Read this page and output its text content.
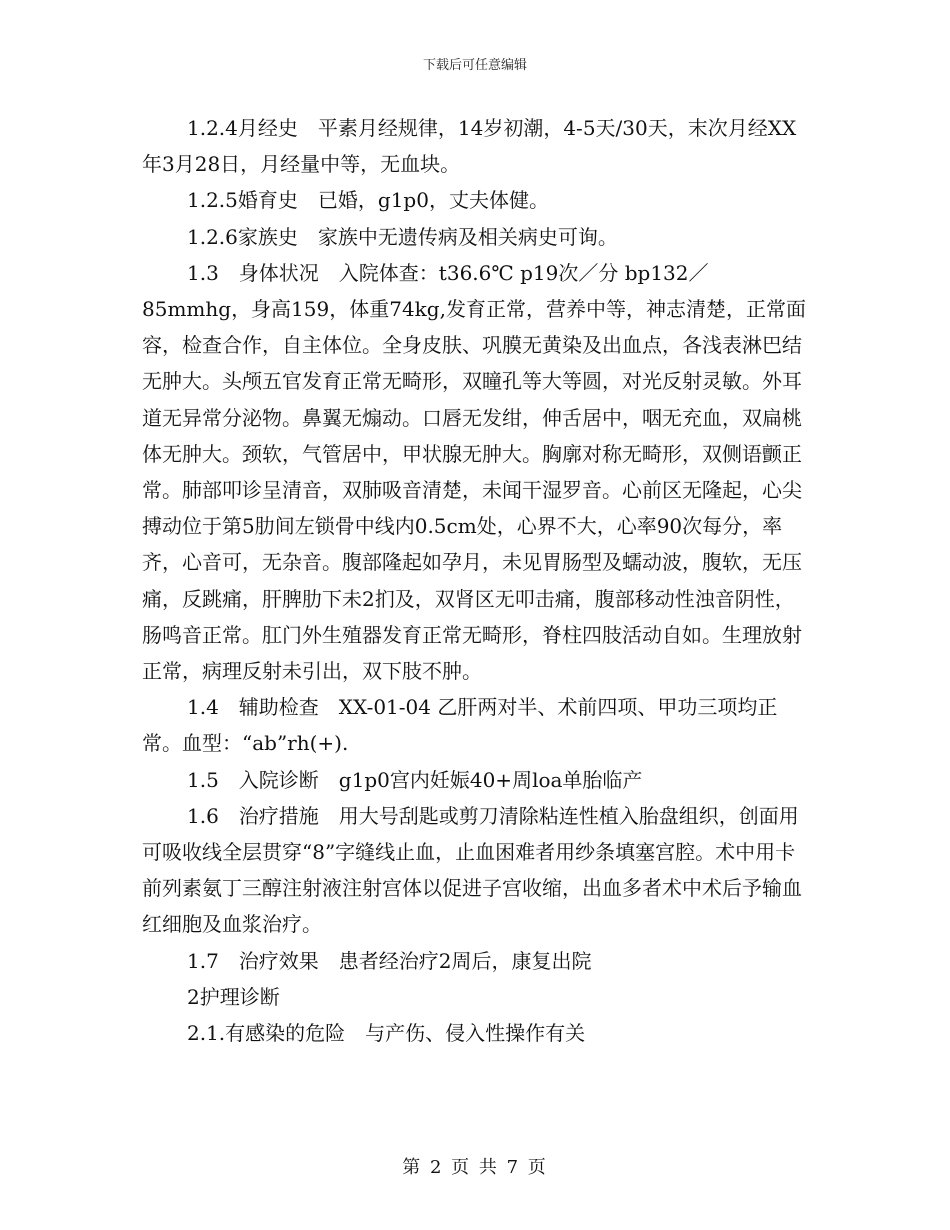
下载后可任意编辑

1.2.4月经史　平素月经规律，14岁初潮，4-5天/30天，末次月经XX年3月28日，月经量中等，无血块。

1.2.5婚育史　已婚，g1p0，丈夫体健。

1.2.6家族史　家族中无遗传病及相关病史可询。

1.3　身体状况　入院体查：t36.6℃ p19次／分 bp132／85mmhg，身高159，体重74kg,发育正常，营养中等，神志清楚，正常面容，检查合作，自主体位。全身皮肤、巩膜无黄染及出血点，各浅表淋巴结无肿大。头颅五官发育正常无畸形，双瞳孔等大等圆，对光反射灵敏。外耳道无异常分泌物。鼻翼无煽动。口唇无发绀，伸舌居中，咽无充血，双扁桃体无肿大。颈软，气管居中，甲状腺无肿大。胸廓对称无畸形，双侧语颤正常。肺部叩诊呈清音，双肺吸音清楚，未闻干湿罗音。心前区无隆起，心尖搏动位于第5肋间左锁骨中线内0.5cm处，心界不大，心率90次每分，率齐，心音可，无杂音。腹部隆起如孕月，未见胃肠型及蠕动波，腹软，无压痛，反跳痛，肝脾肋下未2扪及，双肾区无叩击痛，腹部移动性浊音阴性，肠鸣音正常。肛门外生殖器发育正常无畸形，脊柱四肢活动自如。生理放射正常，病理反射未引出，双下肢不肿。

1.4　辅助检查　XX-01-04 乙肝两对半、术前四项、甲功三项均正常。血型：“ab”rh(+).

1.5　入院诊断　g1p0宫内妊娠40+周loa单胎临产

1.6　治疗措施　用大号刮匙或剪刀清除粘连性植入胎盘组织，创面用可吸收线全层贯穿“8”字缝线止血，止血困难者用纱条填塞宫腔。术中用卡前列素氨丁三醇注射液注射宫体以促进子宫收缩，出血多者术中术后予输血红细胞及血浆治疗。

1.7　治疗效果　患者经治疗2周后，康复出院

2护理诊断

2.1.有感染的危险　与产伤、侵入性操作有关

第 2 页 共 7 页
